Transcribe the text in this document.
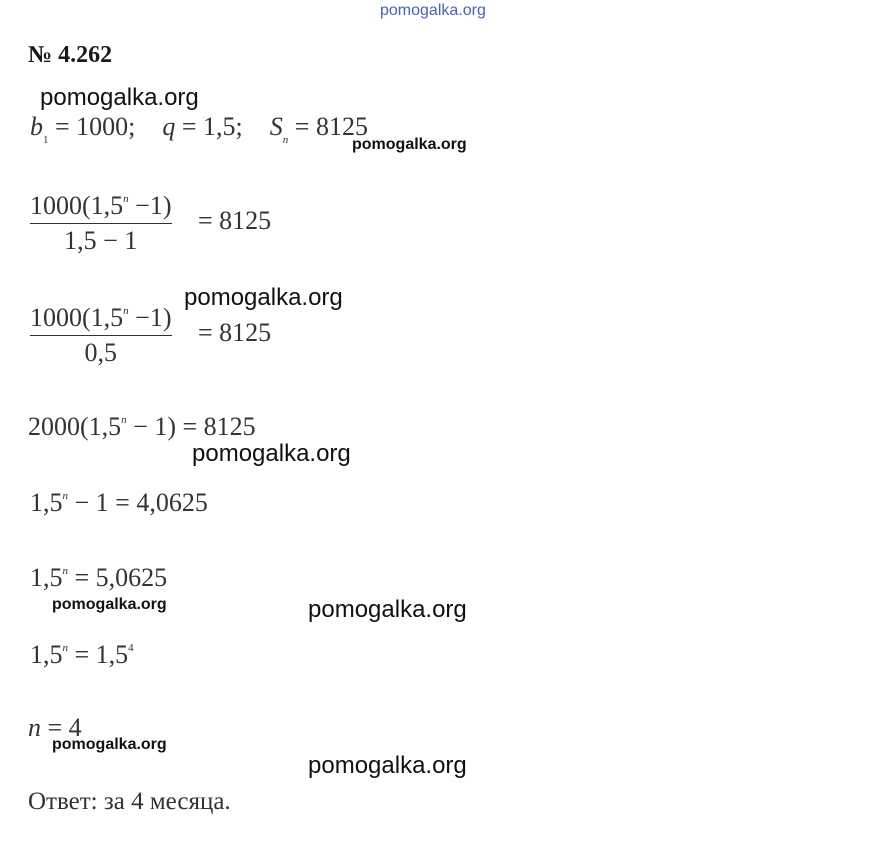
pomogalka.org
№ 4.262
pomogalka.org
$b_1 = 1000$; q = 1,5; $S_n = 8125$
pomogalka.org
$1000(1,5^n -1)$
1,5 − 1
= 8125
pomogalka.org
$1000(1,5^n -1)$
0,5
= 8125
$2000(1,5^n - 1) = 8125$
pomogalka.org
$1,5^n - 1 = 4,0625$
$1,5^n = 5,0625$
pomogalka.org	pomogalka.org
$1,5^n = 1,5^4$
n = 4
pomogalka.org
pomogalka.org
Ответ: за 4 месяца.
